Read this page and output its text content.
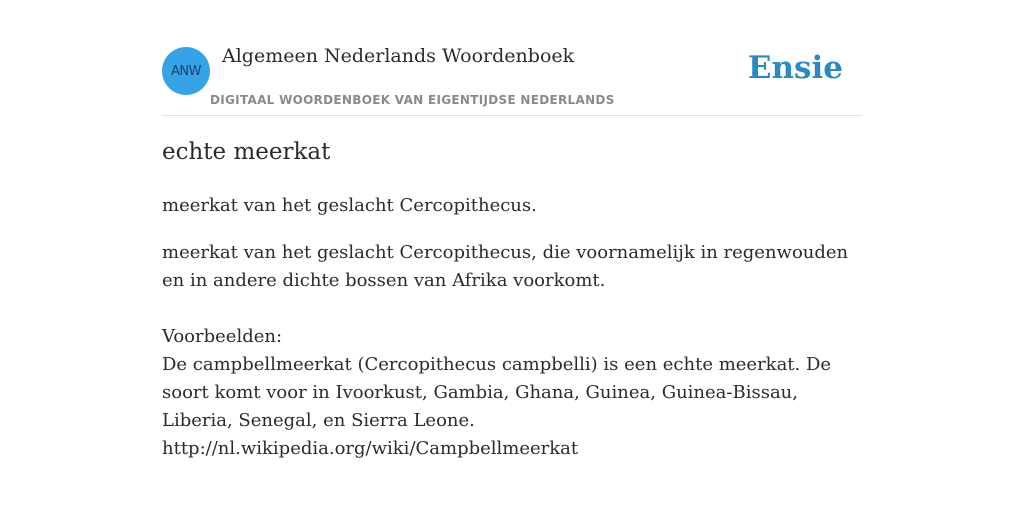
ANW
Algemeen Nederlands Woordenboek
DIGITAAL WOORDENBOEK VAN EIGENTIJDSE NEDERLANDS
Ensie
echte meerkat
meerkat van het geslacht Cercopithecus.

meerkat van het geslacht Cercopithecus, die voornamelijk in regenwouden en in andere dichte bossen van Afrika voorkomt.

Voorbeelden:

De campbellmeerkat (Cercopithecus campbelli) is een echte meerkat. De soort komt voor in Ivoorkust, Gambia, Ghana, Guinea, Guinea-Bissau, Liberia, Senegal, en Sierra Leone.

http://nl.wikipedia.org/wiki/Campbellmeerkat
